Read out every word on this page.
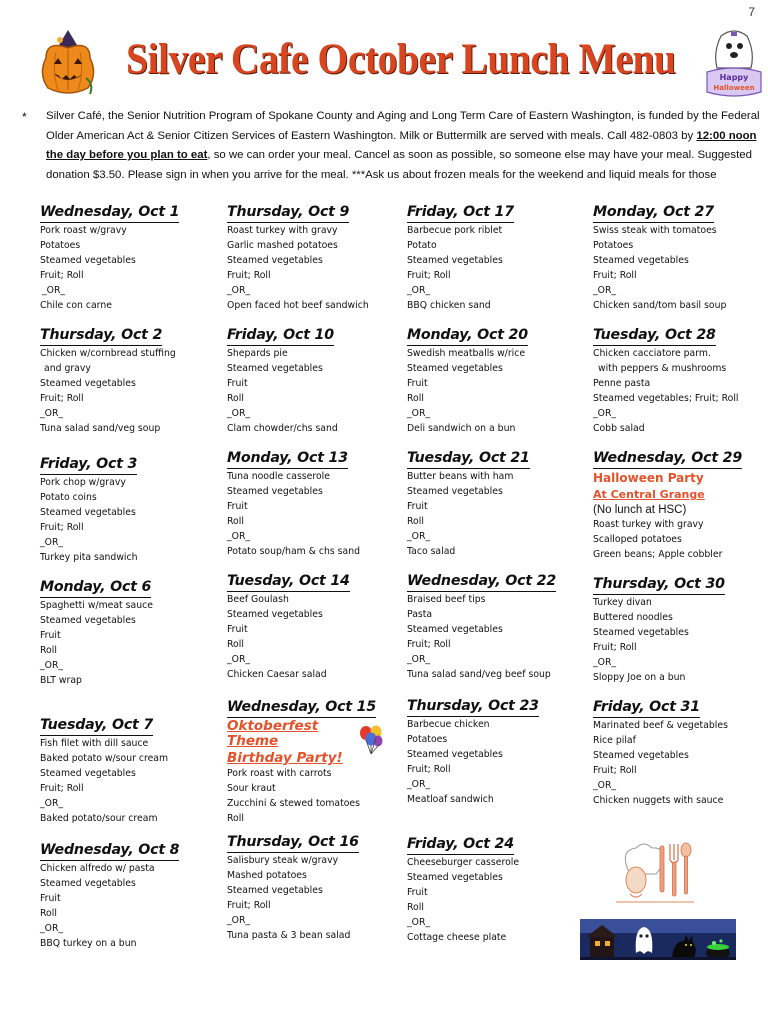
7
Silver Cafe October Lunch Menu	Happy
Halloween
* Silver Café, the Senior Nutrition Program of Spokane County and Aging and Long Term Care of Eastern Washington, is funded by the Federal Older American Act & Senior Citizen Services of Eastern Washington. Milk or Buttermilk are served with meals. Call 482-0803 by 12:00 noon the day before you plan to eat, so we can order your meal. Cancel as soon as possible, so someone else may have your meal. Suggested donation $3.50. Please sign in when you arrive for the meal. ***Ask us about frozen meals for the weekend and liquid meals for those
Wednesday, Oct 1
Pork roast w/gravy
Potatoes
Steamed vegetables
Fruit; Roll
_OR_
Chile con carne
Thursday, Oct 2
Chicken w/cornbread stuffing
and gravy
Steamed vegetables
Fruit; Roll
_OR_
Tuna salad sand/veg soup
Friday, Oct 3
Pork chop w/gravy
Potato coins
Steamed vegetables
Fruit; Roll
_OR_
Turkey pita sandwich
Monday, Oct 6
Spaghetti w/meat sauce
Steamed vegetables
Fruit
Roll
_OR_
BLT wrap
Tuesday, Oct 7
Fish filet with dill sauce
Baked potato w/sour cream
Steamed vegetables
Fruit; Roll
_OR_
Baked potato/sour cream
Wednesday, Oct 8
Chicken alfredo w/ pasta
Steamed vegetables
Fruit
Roll
_OR_
BBQ turkey on a bun
Thursday, Oct 9
Roast turkey with gravy
Garlic mashed potatoes
Steamed vegetables
Fruit; Roll
_OR_
Open faced hot beef sandwich
Friday, Oct 10
Shepards pie
Steamed vegetables
Fruit
Roll
_OR_
Clam chowder/chs sand
Monday, Oct 13
Tuna noodle casserole
Steamed vegetables
Fruit
Roll
_OR_
Potato soup/ham & chs sand
Tuesday, Oct 14
Beef Goulash
Steamed vegetables
Fruit
Roll
_OR_
Chicken Caesar salad
Wednesday, Oct 15
Oktoberfest
Theme
Birthday Party!
Pork roast with carrots
Sour kraut
Zucchini & stewed tomatoes
Roll
Thursday, Oct 16
Salisbury steak w/gravy
Mashed potatoes
Steamed vegetables
Fruit; Roll
_OR_
Tuna pasta & 3 bean salad
Friday, Oct 17
Barbecue pork riblet
Potato
Steamed vegetables
Fruit; Roll
_OR_
BBQ chicken sand
Monday, Oct 20
Swedish meatballs w/rice
Steamed vegetables
Fruit
Roll
_OR_
Deli sandwich on a bun
Tuesday, Oct 21
Butter beans with ham
Steamed vegetables
Fruit
Roll
_OR_
Taco salad
Wednesday, Oct 22
Braised beef tips
Pasta
Steamed vegetables
Fruit; Roll
_OR_
Tuna salad sand/veg beef soup
Thursday, Oct 23
Barbecue chicken
Potatoes
Steamed vegetables
Fruit; Roll
_OR_
Meatloaf sandwich
Friday, Oct 24
Cheeseburger casserole
Steamed vegetables
Fruit
Roll
_OR_
Cottage cheese plate
Monday, Oct 27
Swiss steak with tomatoes
Potatoes
Steamed vegetables
Fruit; Roll
_OR_
Chicken sand/tom basil soup
Tuesday, Oct 28
Chicken cacciatore parm.
with peppers & mushrooms
Penne pasta
Steamed vegetables; Fruit; Roll
_OR_
Cobb salad
Wednesday, Oct 29
Halloween Party
At Central Grange
(No lunch at HSC)
Roast turkey with gravy
Scalloped potatoes
Green beans; Apple cobbler
Thursday, Oct 30
Turkey divan
Buttered noodles
Steamed vegetables
Fruit; Roll
_OR_
Sloppy Joe on a bun
Friday, Oct 31
Marinated beef & vegetables
Rice pilaf
Steamed vegetables
Fruit; Roll
_OR_
Chicken nuggets with sauce
